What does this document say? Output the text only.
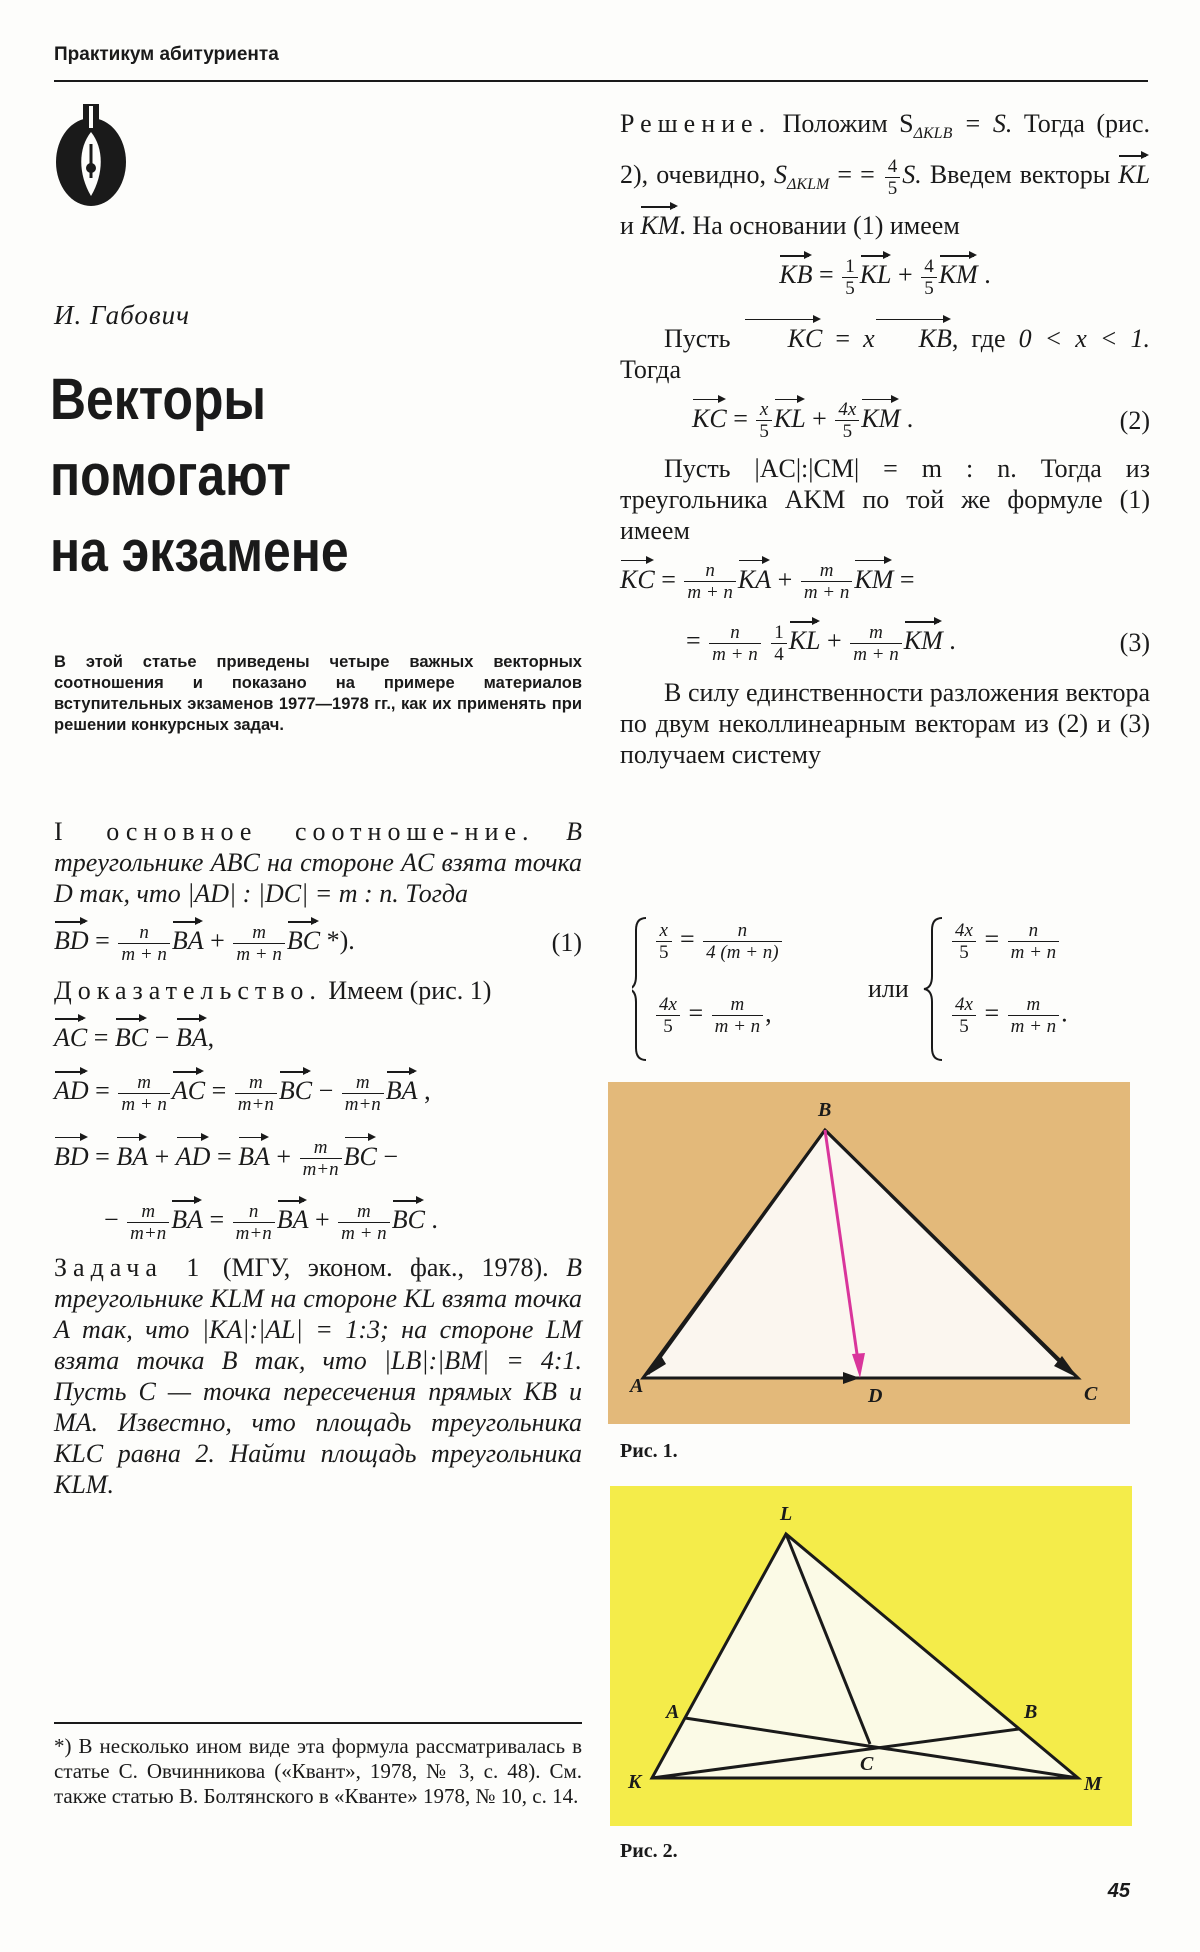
Практикум абитуриента
И. Габович
Векторы
помогают
на экзамене
В этой статье приведены четыре важных векторных соотношения и показано на примере материалов вступительных экзаменов 1977—1978 гг., как их применять при решении конкурсных задач.

I основное соотноше-ние. В треугольнике ABC на стороне AC взята точка D так, что |AD| : |DC| = m : n. Тогда

BD = $\frac{n}{m + n}$ BA + $\frac{m}{m + n}$ BC *).	(1)

Доказательство. Имеем (рис. 1)

AC = BC − BA,
AD = $\frac{m}{m + n}$ AC = $\frac{m}{m+n}$ BC − $\frac{m}{m+n}$ BA ,
BD = BA + AD = BA + $\frac{m}{m+n}$ BC −
− $\frac{m}{m+n}$ BA = $\frac{n}{m+n}$ BA + $\frac{m}{m + n}$ BC .

Задача 1 (МГУ, эконом. фак., 1978). В треугольнике KLM на стороне KL взята точка A так, что |KA|:|AL| = 1:3; на стороне LM взята точка B так, что |LB|:|BM| = 4:1. Пусть C — точка пересечения прямых KB и MA. Известно, что площадь треугольника KLC равна 2. Найти площадь треугольника KLM.

*) В несколько ином виде эта формула рассматривалась в статье С. Овчинникова («Квант», 1978, № 3, с. 48). См. также статью В. Болтянского в «Кванте» 1978, № 10, с. 14.

Решение. Положим $S_{\Delta KLB} = S$. Тогда (рис. 2), очевидно, $S_{\Delta KLM}$ = = $\frac{4}{5} S$. Введем векторы KL и KM. На основании (1) имеем

KB = $\frac{1}{5}$ KL + $\frac{4}{5}$ KM .

Пусть KC = x KB, где 0 < x < 1. Тогда

KC = $\frac{x}{5}$ KL + $\frac{4x}{5}$ KM .	(2)

Пусть |AC|:|CM| = m : n. Тогда из треугольника AKM по той же формуле (1) имеем

KC = $\frac{n}{m + n}$ KA + $\frac{m}{m + n}$ KM =
= $\frac{n}{m + n}$
$\frac{1}{4}$ KL + $\frac{m}{m + n}$ KM .	(3)

В силу единственности разложения вектора по двум неколлинеарным векторам из (2) и (3) получаем систему

$\frac{x}{5} = \frac{n}{4 (m + n)}$
$\frac{4x}{5} = \frac{m}{m + n}$ ,
или
$\frac{4x}{5} = \frac{n}{m + n}$
$\frac{4x}{5} = \frac{m}{m + n}$ .
B
A	D	C
Рис. 1.
L
A	B
K
C
M
Рис. 2.
45
